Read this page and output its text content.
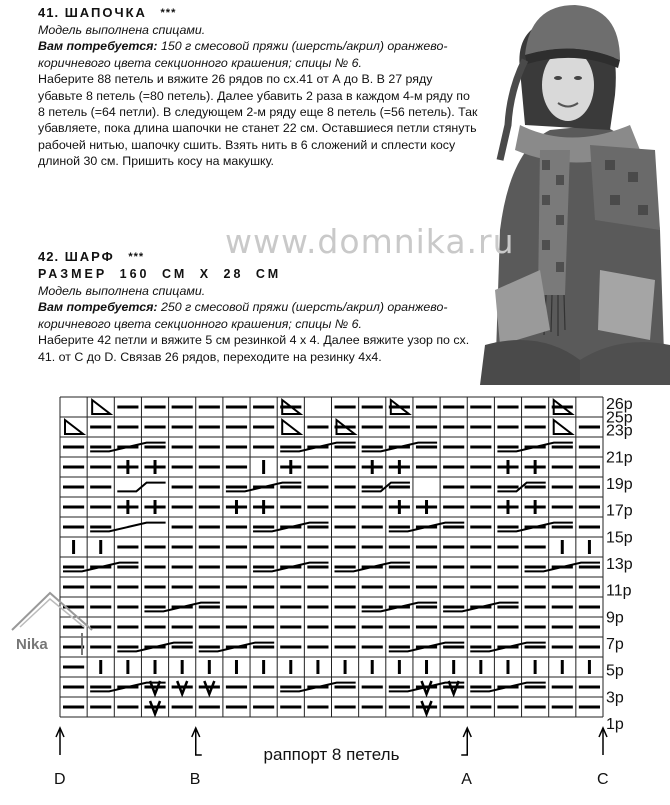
41. ШАПОЧКА ***
Модель выполнена спицами.
Вам потребуется: 150 г смесовой пряжи (шерсть/акрил) оранжево-коричневого цвета секционного крашения; спицы № 6.
Наберите 88 петель и вяжите 26 рядов по сх.41 от А до В. В 27 ряду убавьте 8 петель (=80 петель). Далее убавить 2 раза в каждом 4-м ряду по 8 петель (=64 петли). В следующем 2-м ряду еще 8 петель (=56 петель). Так убавляете, пока длина шапочки не станет 22 см. Оставшиеся петли стянуть рабочей нитью, шапочку сшить. Взять нить в 6 сложений и сплести косу длиной 30 см. Пришить косу на макушку.
42. ШАРФ ***
РАЗМЕР 160 СМ Х 28 СМ
Модель выполнена спицами.
Вам потребуется: 250 г смесовой пряжи (шерсть/акрил) оранжево-коричневого цвета секционного крашения; спицы № 6.
Наберите 42 петли и вяжите 5 см резинкой 4 х 4. Далее вяжите узор по сх. 41. от С до D. Связав 26 рядов, переходите на резинку 4х4.
www.domnika.ru
26р
25р
23р
21р
19р
17р
15р
13р
11р
9р
7р
5р
3р
1р
D	B	A	C
раппорт 8 петель
Nika
